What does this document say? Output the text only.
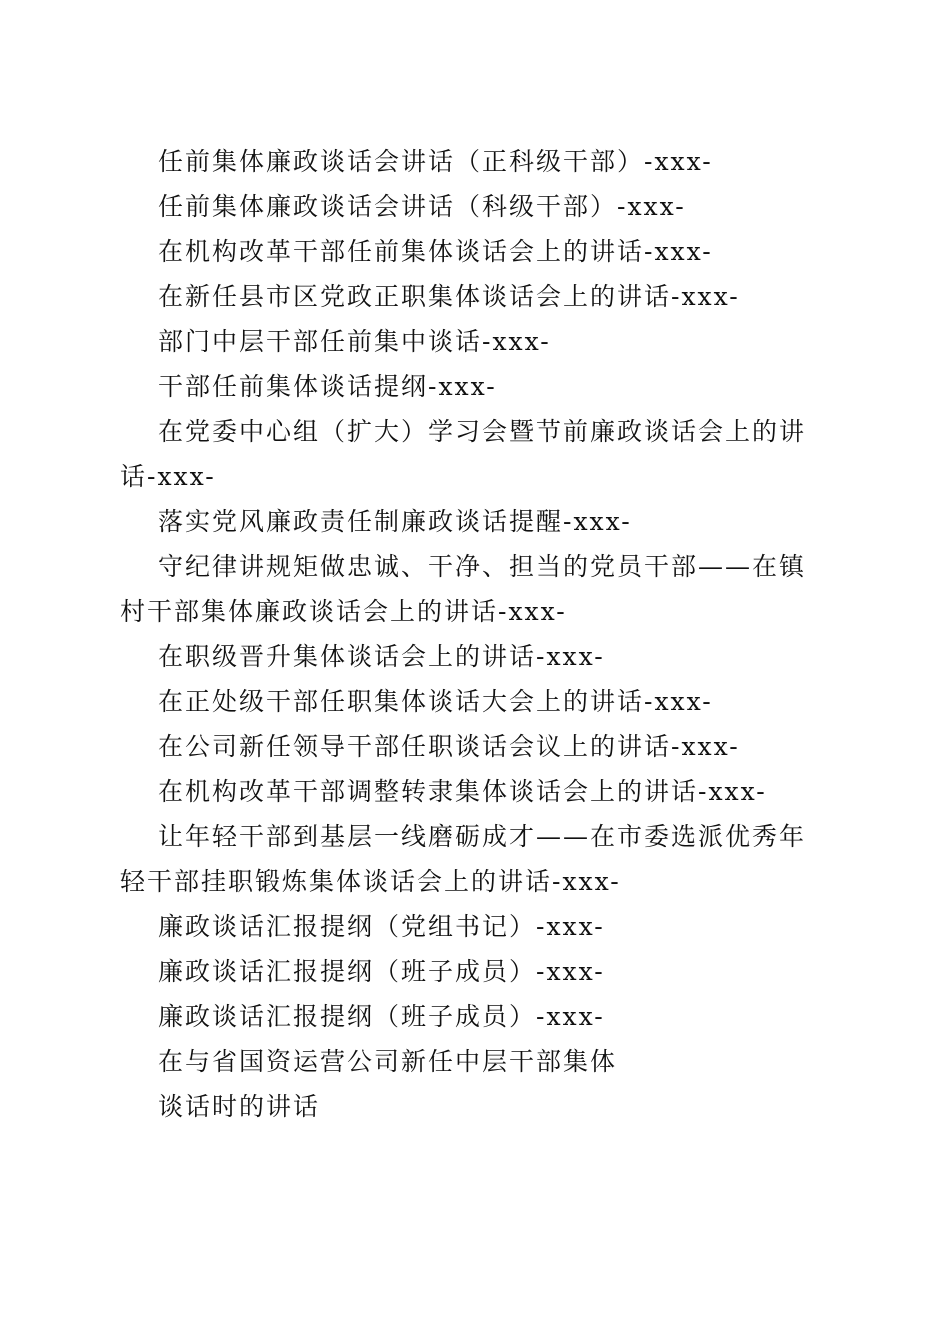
任前集体廉政谈话会讲话（正科级干部）-xxx-

任前集体廉政谈话会讲话（科级干部）-xxx-

在机构改革干部任前集体谈话会上的讲话-xxx-

在新任县市区党政正职集体谈话会上的讲话-xxx-

部门中层干部任前集中谈话-xxx-

干部任前集体谈话提纲-xxx-

在党委中心组（扩大）学习会暨节前廉政谈话会上的讲话-xxx-

落实党风廉政责任制廉政谈话提醒-xxx-

守纪律讲规矩做忠诚、干净、担当的党员干部——在镇村干部集体廉政谈话会上的讲话-xxx-

在职级晋升集体谈话会上的讲话-xxx-

在正处级干部任职集体谈话大会上的讲话-xxx-

在公司新任领导干部任职谈话会议上的讲话-xxx-

在机构改革干部调整转隶集体谈话会上的讲话-xxx-

让年轻干部到基层一线磨砺成才——在市委选派优秀年轻干部挂职锻炼集体谈话会上的讲话-xxx-

廉政谈话汇报提纲（党组书记）-xxx-

廉政谈话汇报提纲（班子成员）-xxx-

廉政谈话汇报提纲（班子成员）-xxx-

在与省国资运营公司新任中层干部集体

谈话时的讲话
